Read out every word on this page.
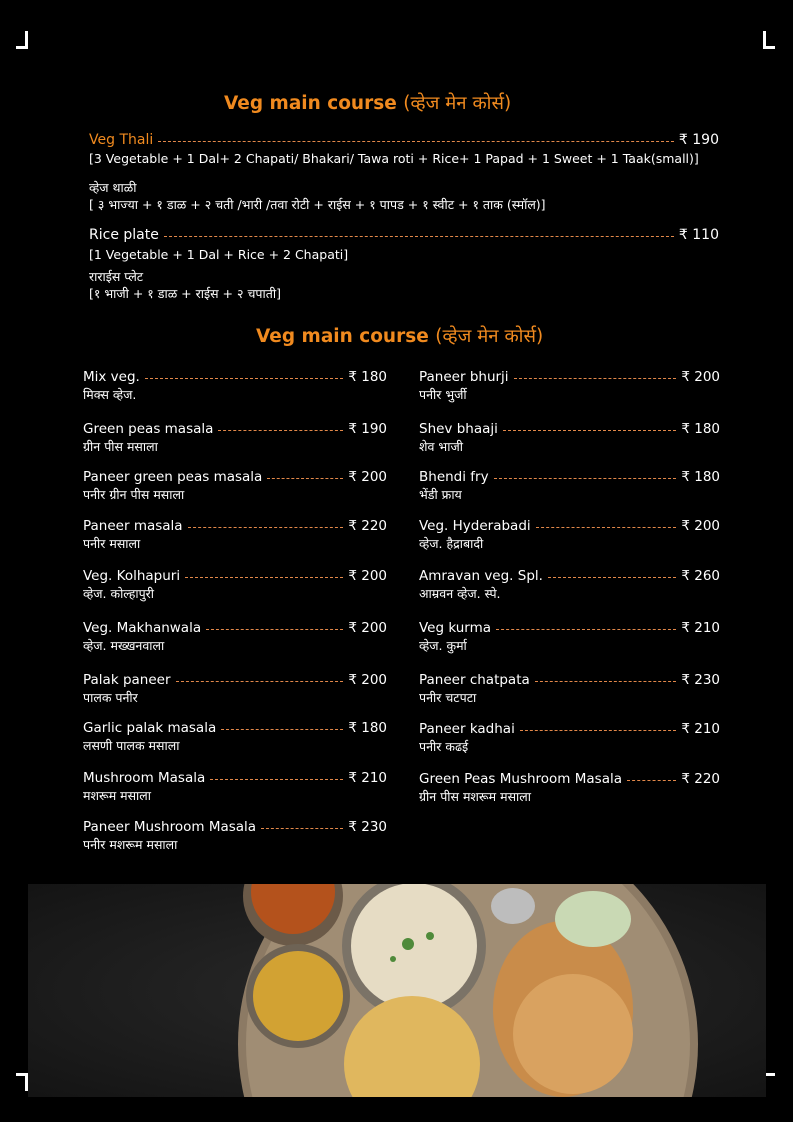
Veg main course (व्हेज मेन कोर्स)
Veg Thali	₹ 190
[3 Vegetable + 1 Dal+ 2 Chapati/ Bhakari/ Tawa roti + Rice+ 1 Papad + 1 Sweet + 1 Taak(small)]
व्हेज थाळी
[ ३ भाज्या + १ डाळ + २ चती /भारी /तवा रोटी + राईस + १ पापड + १ स्वीट + १ ताक (स्मॉल)]
Rice plate	₹ 110
[1 Vegetable + 1 Dal + Rice + 2 Chapati]
राराईस प्लेट
[१ भाजी + १ डाळ + राईस + २ चपाती]
Veg main course (व्हेज मेन कोर्स)
Mix veg.	₹ 180
मिक्स व्हेज.
Green peas masala	₹ 190
ग्रीन पीस मसाला
Paneer green peas masala	₹ 200
पनीर ग्रीन पीस मसाला
Paneer masala	₹ 220
पनीर मसाला
Veg. Kolhapuri	₹ 200
व्हेज. कोल्हापुरी
Veg. Makhanwala	₹ 200
व्हेज. मख्खनवाला
Palak paneer	₹ 200
पालक पनीर
Garlic palak masala	₹ 180
लसणी पालक मसाला
Mushroom Masala	₹ 210
मशरूम मसाला
Paneer Mushroom Masala	₹ 230
पनीर मशरूम मसाला
Paneer bhurji	₹ 200
पनीर भुर्जी
Shev bhaaji	₹ 180
शेव भाजी
Bhendi fry	₹ 180
भेंडी फ्राय
Veg. Hyderabadi	₹ 200
व्हेज. हैद्राबादी
Amravan veg. Spl.	₹ 260
आम्रवन व्हेज. स्पे.
Veg kurma	₹ 210
व्हेज. कुर्मा
Paneer chatpata	₹ 230
पनीर चटपटा
Paneer kadhai	₹ 210
पनीर कढई
Green Peas Mushroom Masala	₹ 220
ग्रीन पीस मशरूम मसाला
